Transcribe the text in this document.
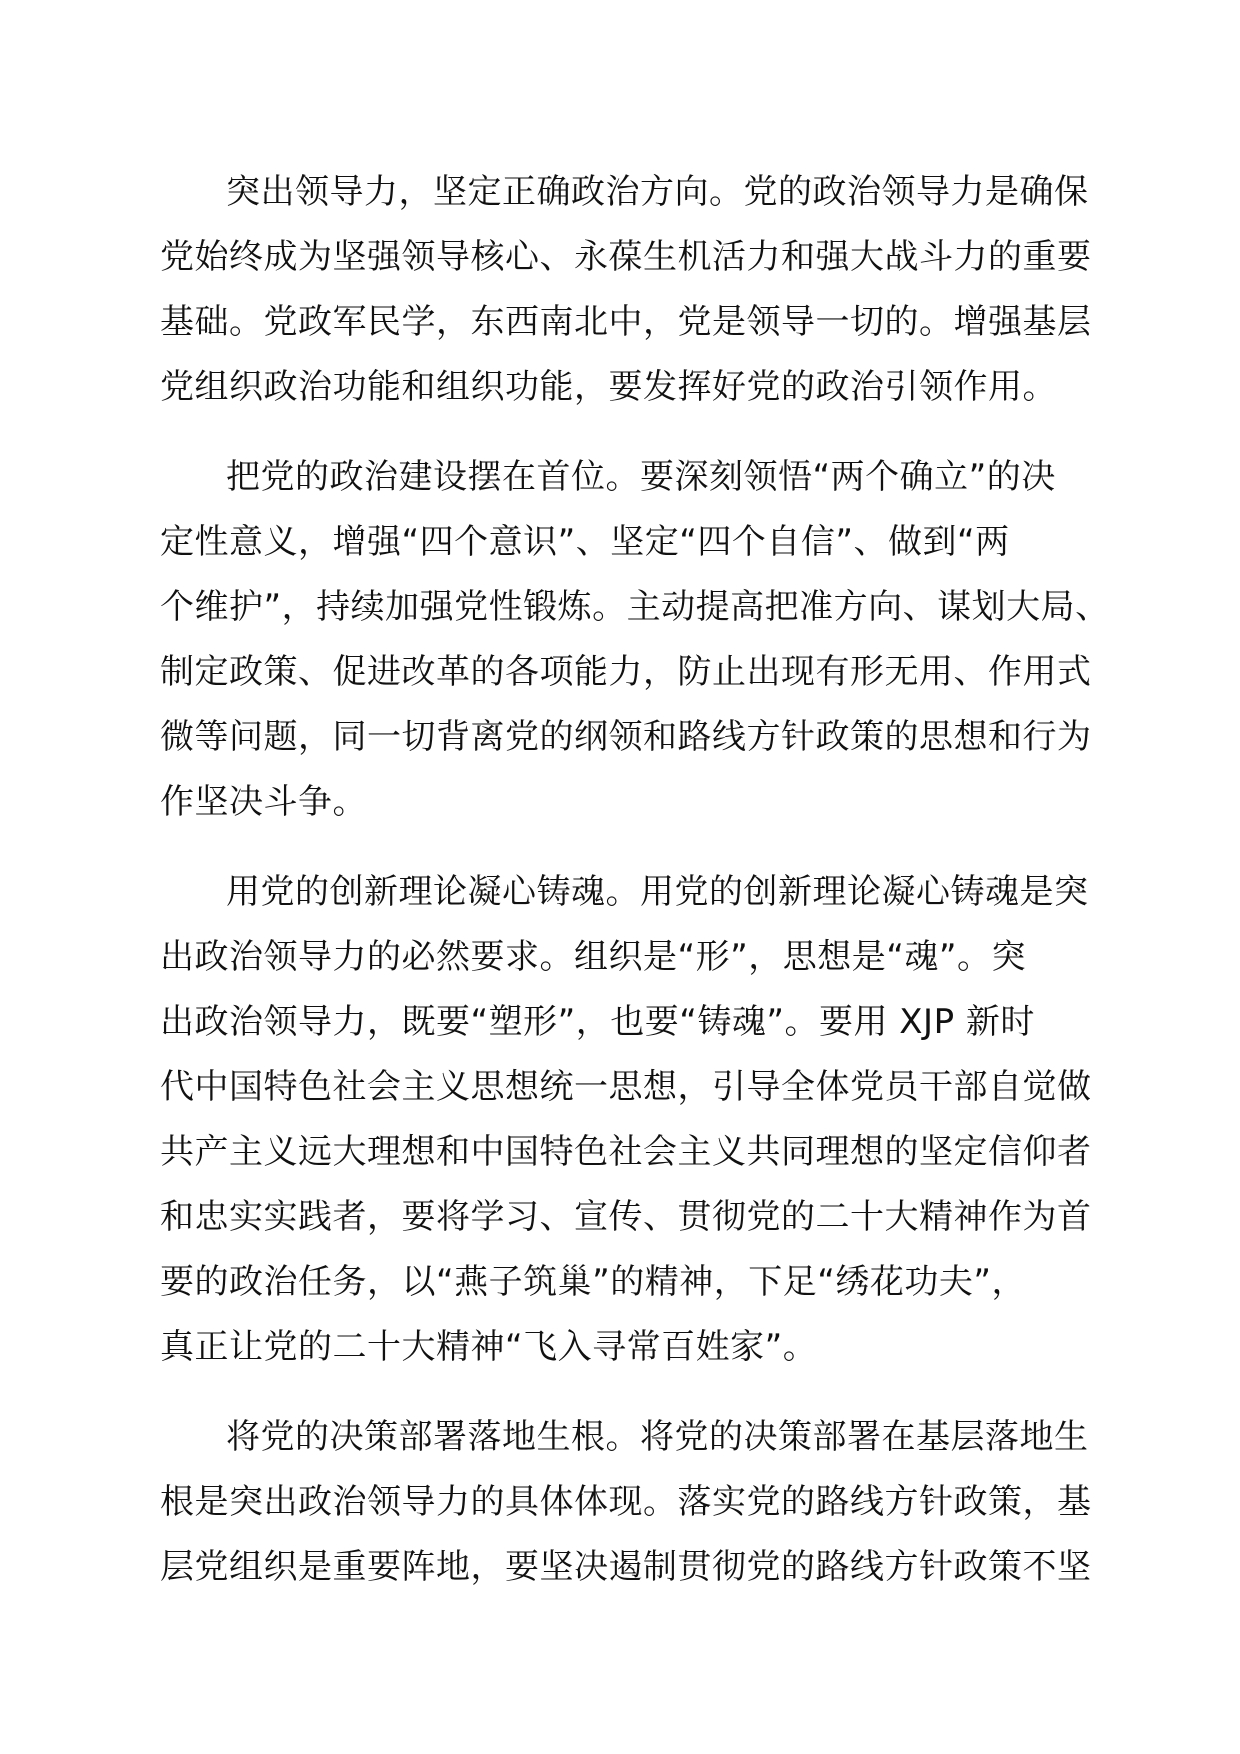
突出领导力，坚定正确政治方向。党的政治领导力是确保
党始终成为坚强领导核心、永葆生机活力和强大战斗力的重要
基础。党政军民学，东西南北中，党是领导一切的。增强基层
党组织政治功能和组织功能，要发挥好党的政治引领作用。
把党的政治建设摆在首位。要深刻领悟“两个确立”的决
定性意义，增强“四个意识”、坚定“四个自信”、做到“两
个维护”，持续加强党性锻炼。主动提高把准方向、谋划大局、
制定政策、促进改革的各项能力，防止出现有形无用、作用式
微等问题，同一切背离党的纲领和路线方针政策的思想和行为
作坚决斗争。
用党的创新理论凝心铸魂。用党的创新理论凝心铸魂是突
出政治领导力的必然要求。组织是“形”，思想是“魂”。突
出政治领导力，既要“塑形”，也要“铸魂”。要用 XJP 新时
代中国特色社会主义思想统一思想，引导全体党员干部自觉做
共产主义远大理想和中国特色社会主义共同理想的坚定信仰者
和忠实实践者，要将学习、宣传、贯彻党的二十大精神作为首
要的政治任务，以“燕子筑巢”的精神，下足“绣花功夫”，
真正让党的二十大精神“飞入寻常百姓家”。
将党的决策部署落地生根。将党的决策部署在基层落地生
根是突出政治领导力的具体体现。落实党的路线方针政策，基
层党组织是重要阵地，要坚决遏制贯彻党的路线方针政策不坚
